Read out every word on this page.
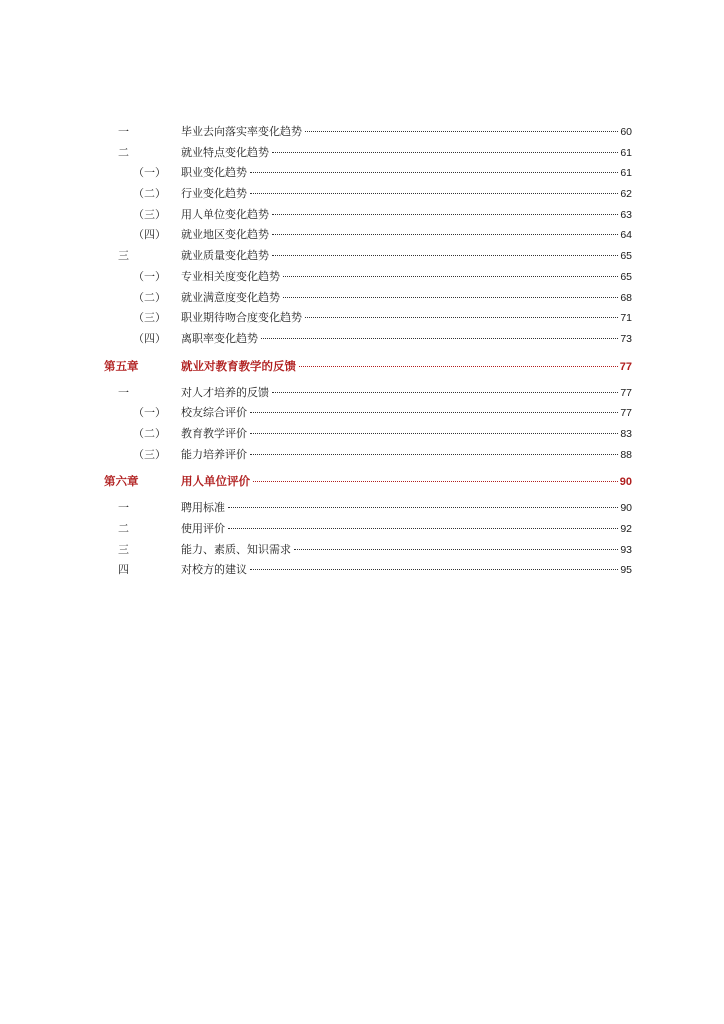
一	毕业去向落实率变化趋势	60
二	就业特点变化趋势	61
（一） 职业变化趋势	61
（二） 行业变化趋势	62
（三） 用人单位变化趋势	63
（四） 就业地区变化趋势	64
三	就业质量变化趋势	65
（一） 专业相关度变化趋势	65
（二） 就业满意度变化趋势	68
（三） 职业期待吻合度变化趋势	71
（四） 离职率变化趋势	73
第五章	就业对教育教学的反馈	77
一	对人才培养的反馈	77
（一） 校友综合评价	77
（二） 教育教学评价	83
（三） 能力培养评价	88
第六章	用人单位评价	90
一	聘用标准	90
二	使用评价	92
三	能力、素质、知识需求	93
四	对校方的建议	95
